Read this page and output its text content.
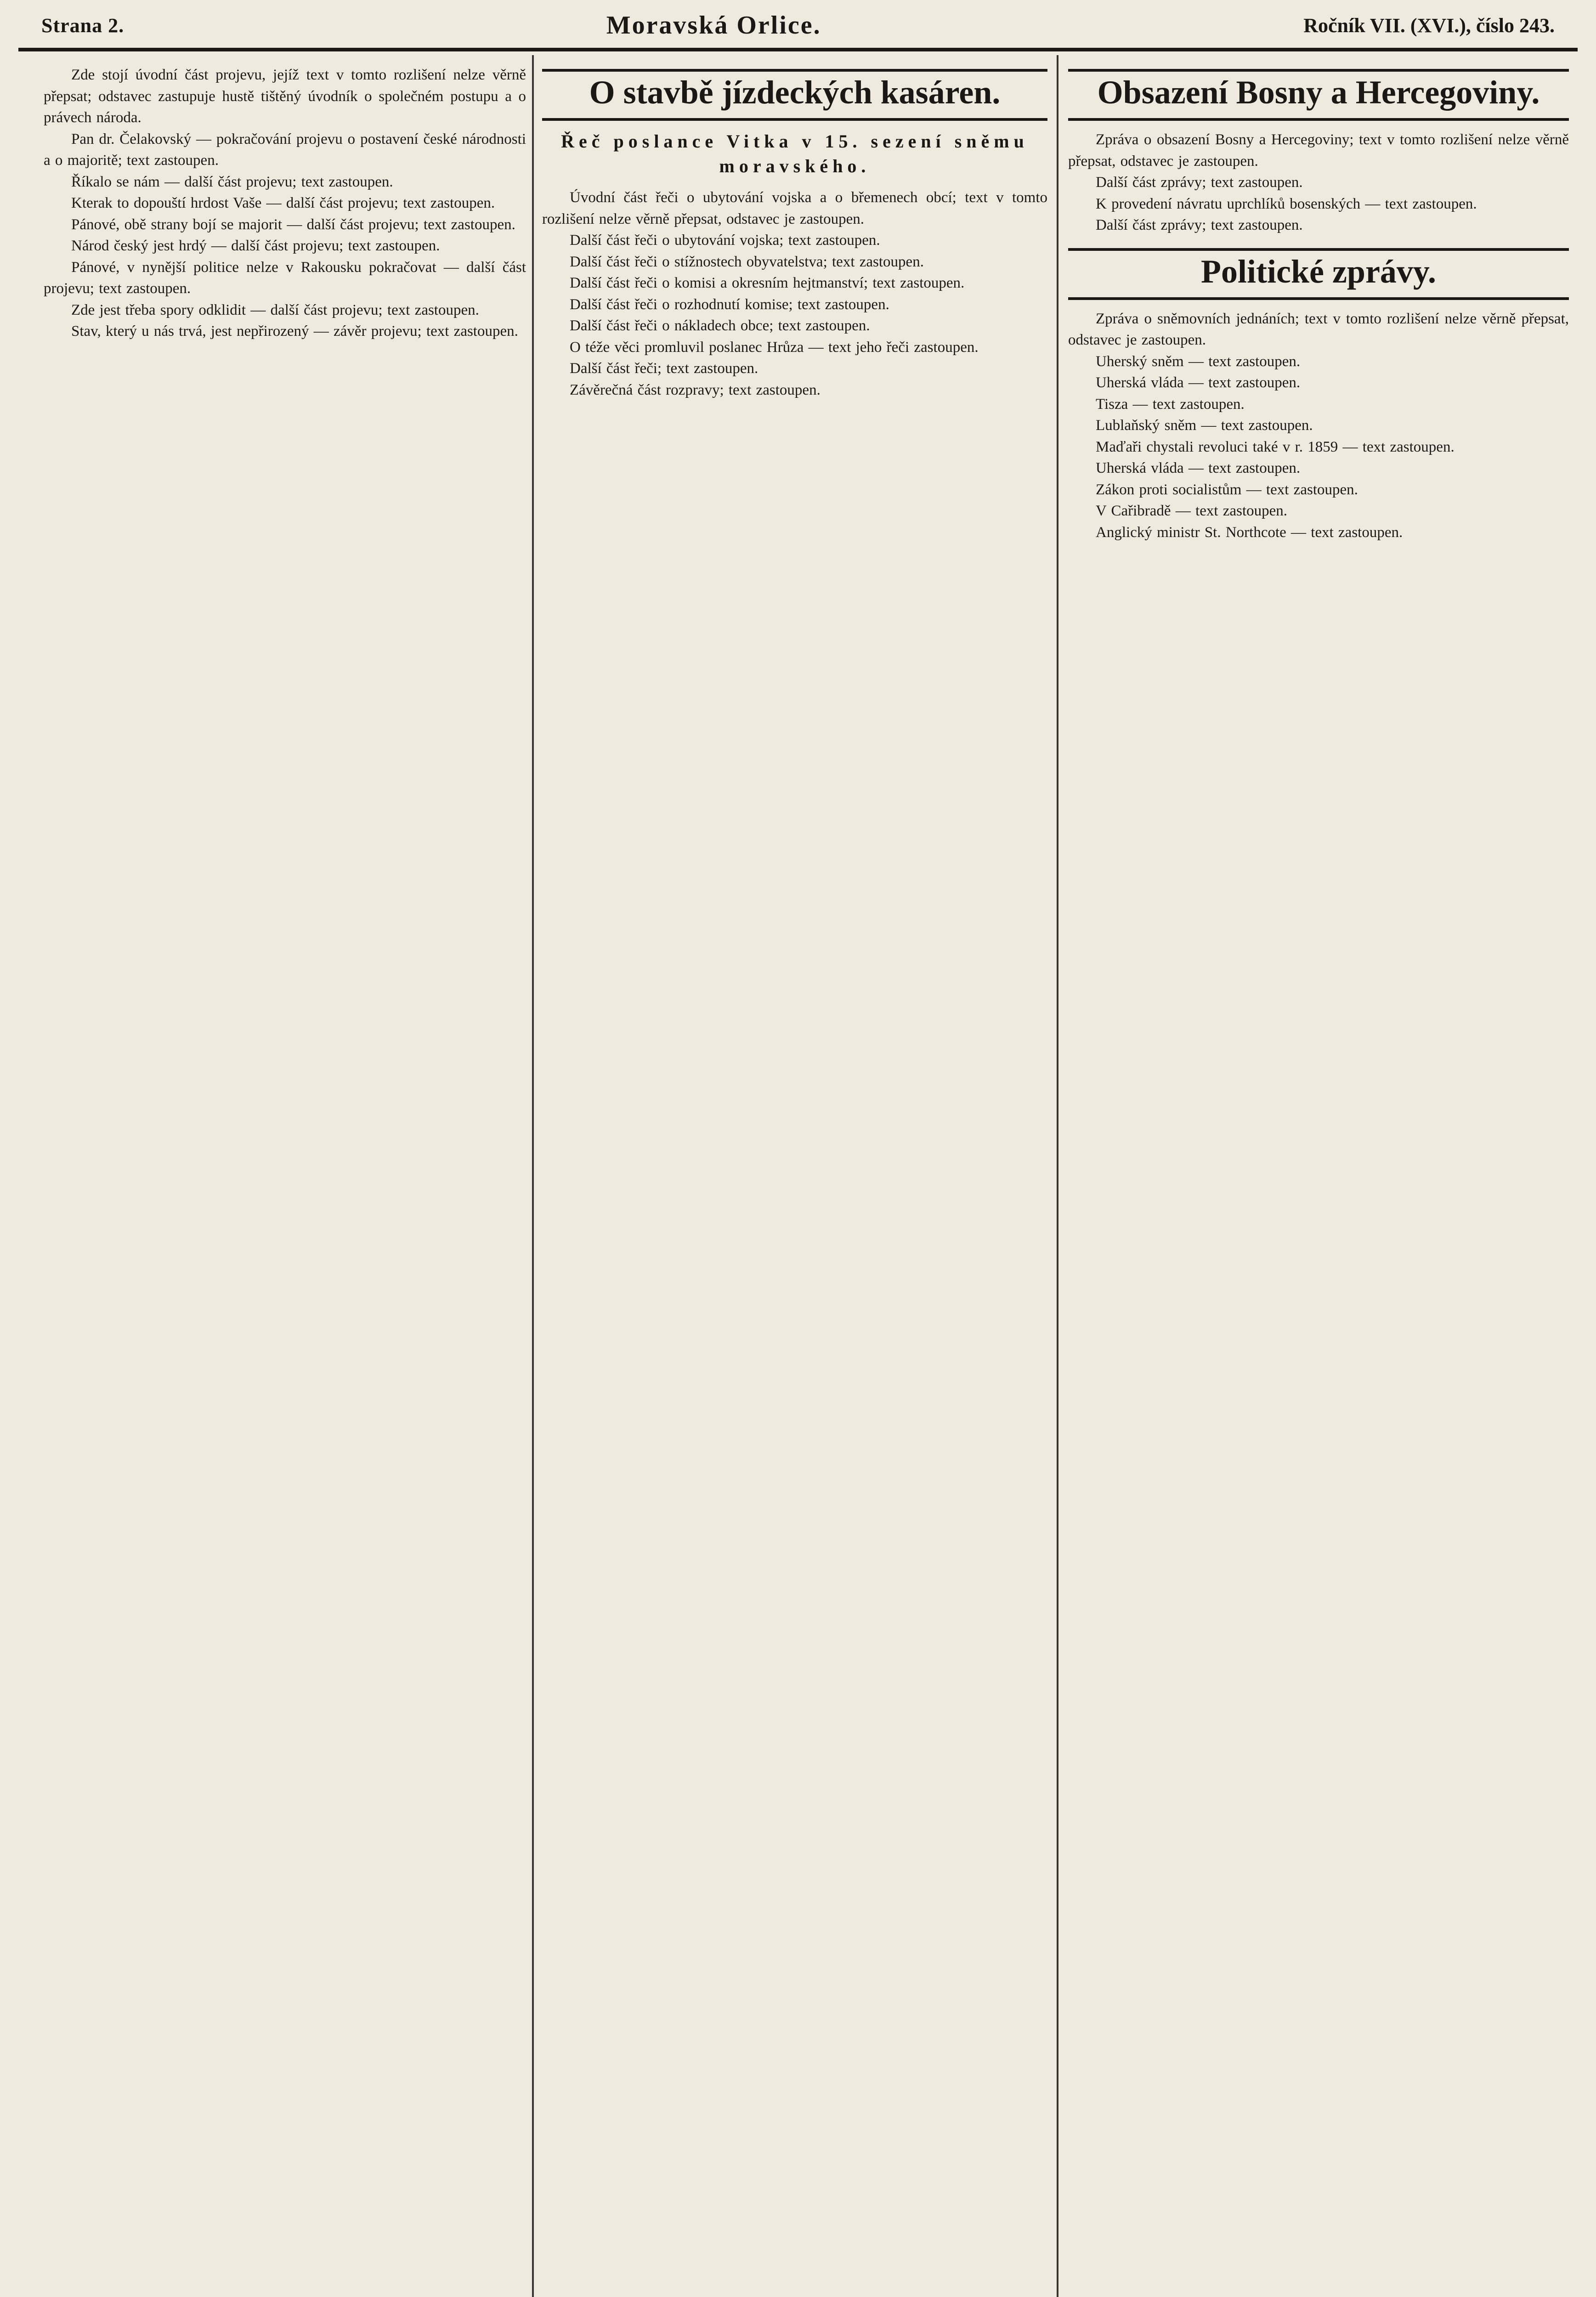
Strana 2.	Moravská Orlice.	Ročník VII. (XVI.), číslo 243.

Zde stojí úvodní část projevu, jejíž text v tomto rozlišení nelze věrně přepsat; odstavec zastupuje hustě tištěný úvodník o společném postupu a o právech národa.

Pan dr. Čelakovský — pokračování projevu o postavení české národnosti a o majoritě; text zastoupen.

Říkalo se nám — další část projevu; text zastoupen.

Kterak to dopouští hrdost Vaše — další část projevu; text zastoupen.

Pánové, obě strany bojí se majorit — další část projevu; text zastoupen.

Národ český jest hrdý — další část projevu; text zastoupen.

Pánové, v nynější politice nelze v Rakousku pokračovat — další část projevu; text zastoupen.

Zde jest třeba spory odklidit — další část projevu; text zastoupen.

Stav, který u nás trvá, jest nepřirozený — závěr projevu; text zastoupen.

O stavbě jízdeckých kasáren.
Řeč poslance Vitka v 15. sezení sněmu moravského.

Úvodní část řeči o ubytování vojska a o břemenech obcí; text v tomto rozlišení nelze věrně přepsat, odstavec je zastoupen.

Další část řeči o ubytování vojska; text zastoupen.

Další část řeči o stížnostech obyvatelstva; text zastoupen.

Další část řeči o komisi a okresním hejtmanství; text zastoupen.

Další část řeči o rozhodnutí komise; text zastoupen.

Další část řeči o nákladech obce; text zastoupen.

O téže věci promluvil poslanec Hrůza — text jeho řeči zastoupen.

Další část řeči; text zastoupen.

Závěrečná část rozpravy; text zastoupen.

Obsazení Bosny a Hercegoviny.

Zpráva o obsazení Bosny a Hercegoviny; text v tomto rozlišení nelze věrně přepsat, odstavec je zastoupen.

Další část zprávy; text zastoupen.

K provedení návratu uprchlíků bosenských — text zastoupen.

Další část zprávy; text zastoupen.

Politické zprávy.

Zpráva o sněmovních jednáních; text v tomto rozlišení nelze věrně přepsat, odstavec je zastoupen.

Uherský sněm — text zastoupen.

Uherská vláda — text zastoupen.

Tisza — text zastoupen.

Lublaňský sněm — text zastoupen.

Maďaři chystali revoluci také v r. 1859 — text zastoupen.

Uherská vláda — text zastoupen.

Zákon proti socialistům — text zastoupen.

V Cařibradě — text zastoupen.

Anglický ministr St. Northcote — text zastoupen.
